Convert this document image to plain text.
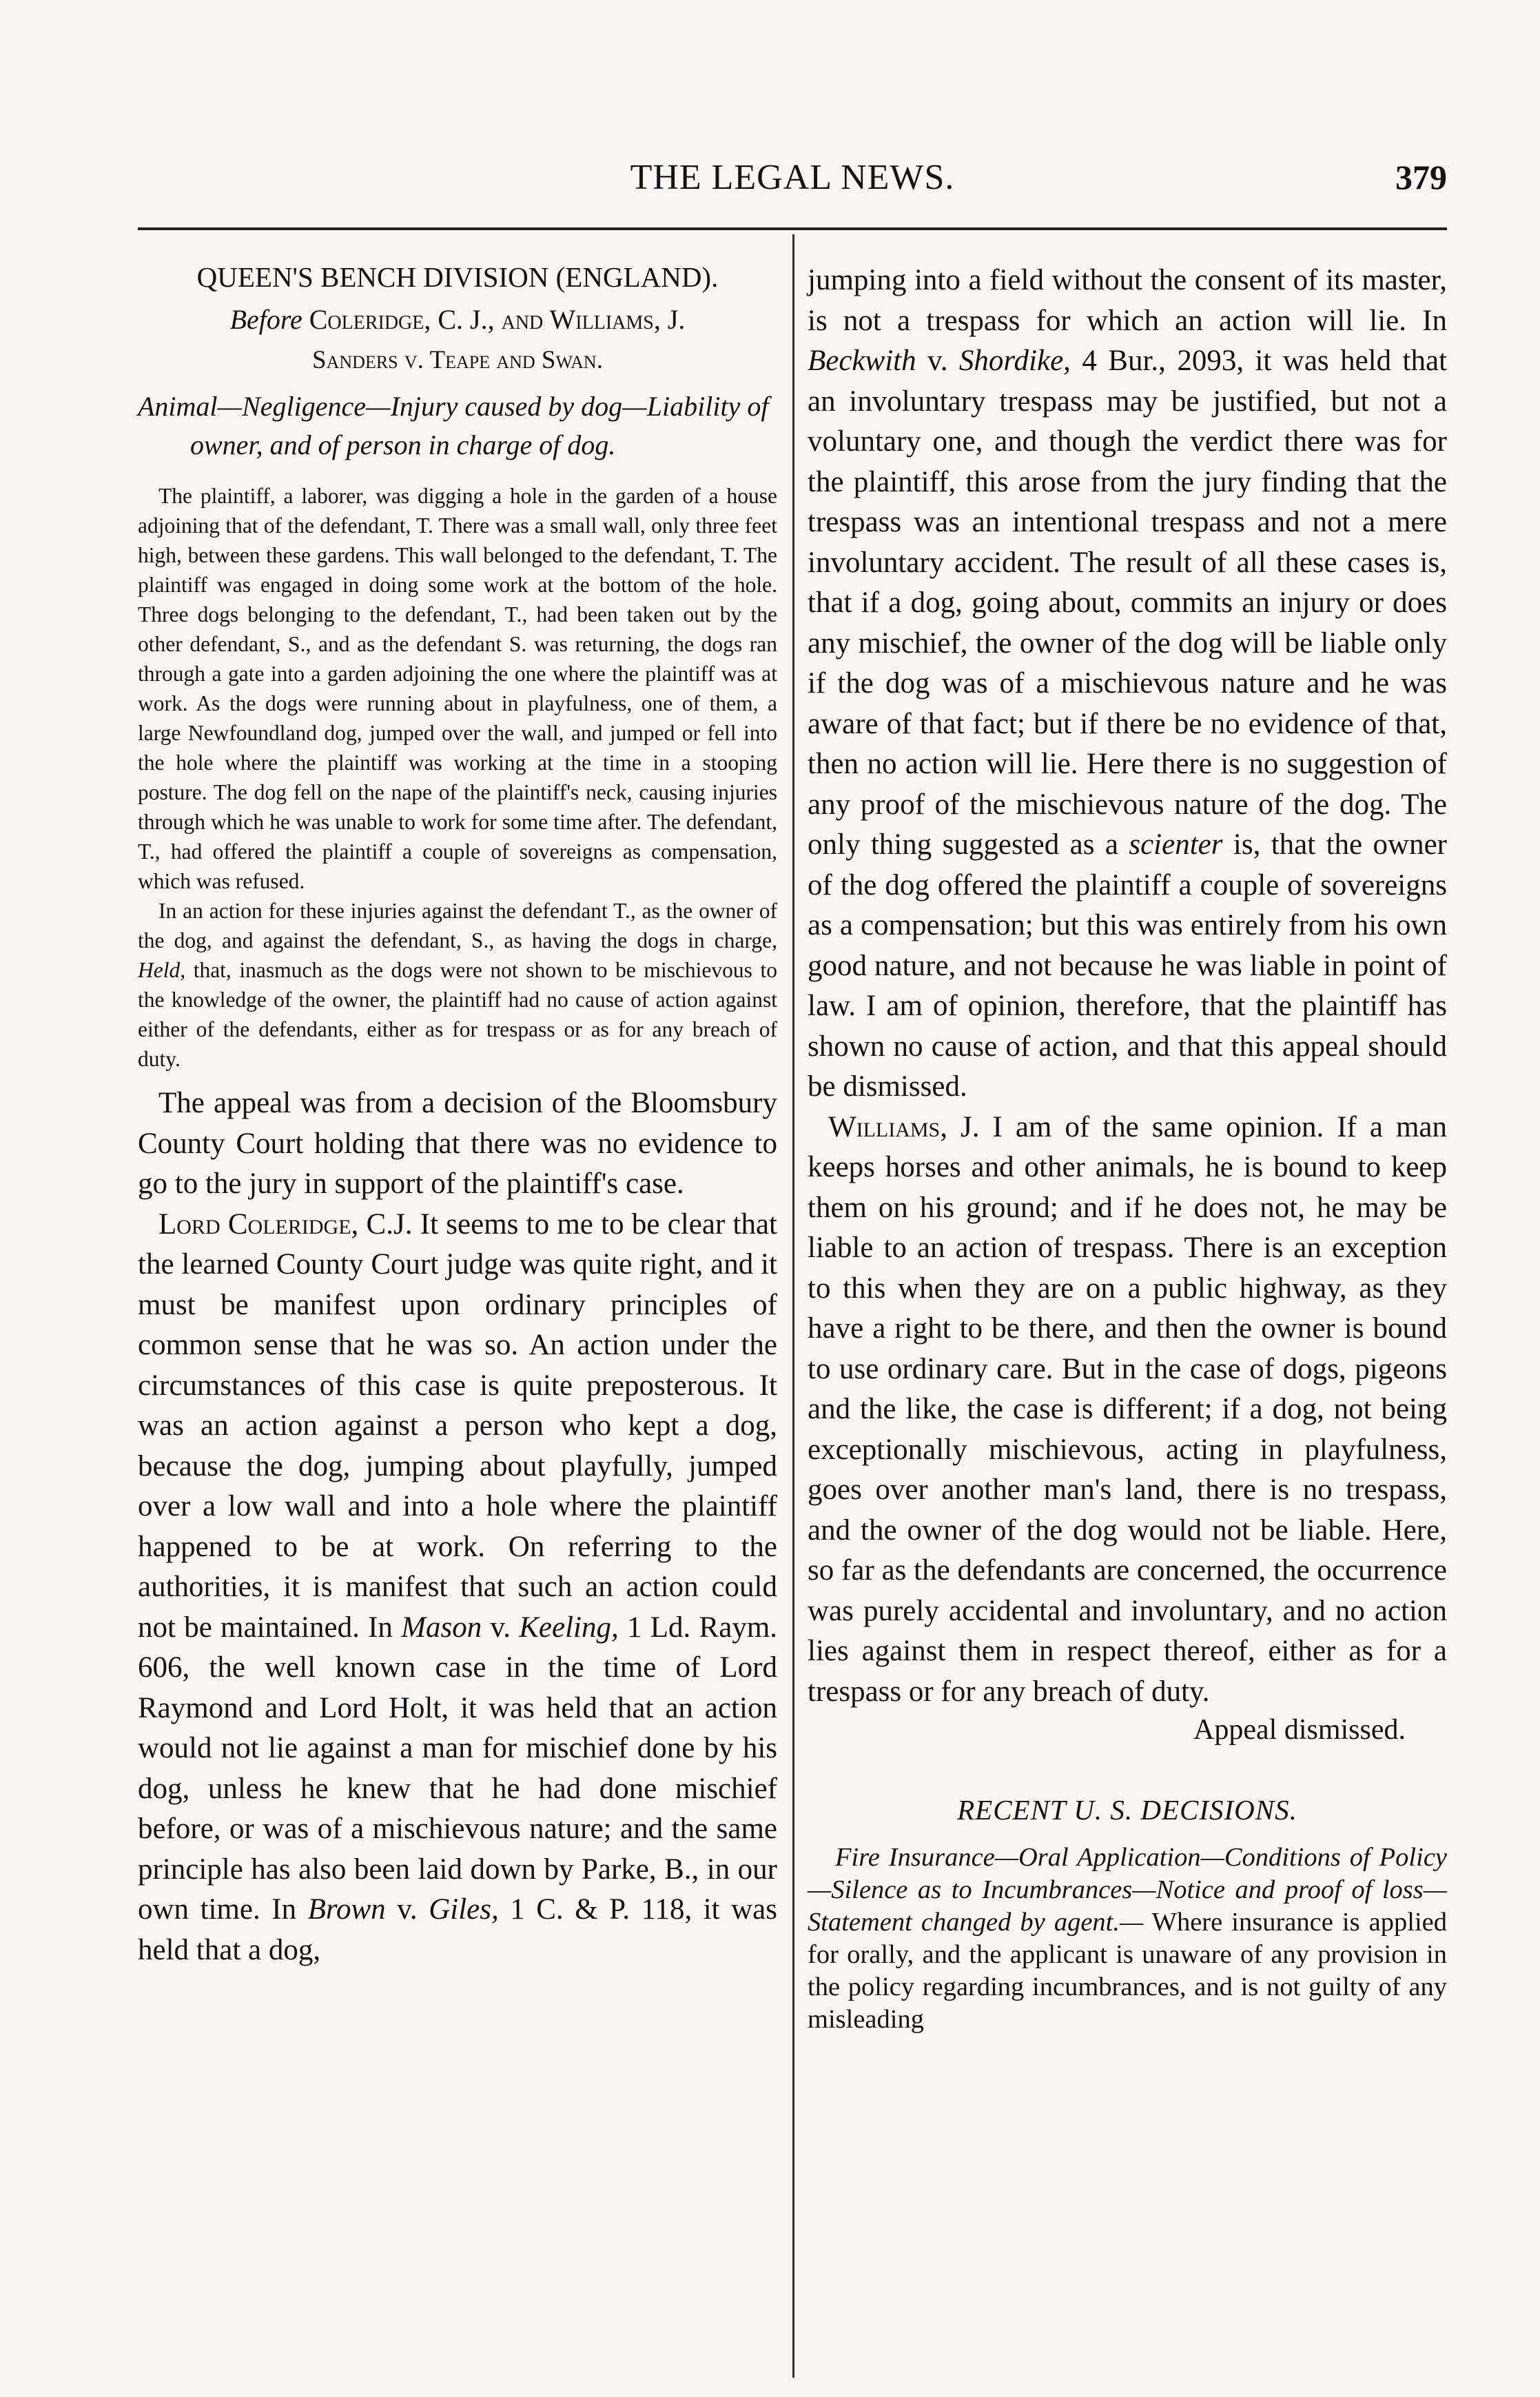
THE LEGAL NEWS.	379
QUEEN'S BENCH DIVISION (ENGLAND).
Before Coleridge, C. J., and Williams, J.
Sanders v. Teape and Swan.

Animal—Negligence—Injury caused by dog—Liability of owner, and of person in charge of dog.

The plaintiff, a laborer, was digging a hole in the garden of a house adjoining that of the defendant, T. There was a small wall, only three feet high, between these gardens. This wall belonged to the defendant, T. The plaintiff was engaged in doing some work at the bottom of the hole. Three dogs belonging to the defendant, T., had been taken out by the other defendant, S., and as the defendant S. was returning, the dogs ran through a gate into a garden adjoining the one where the plaintiff was at work. As the dogs were running about in playfulness, one of them, a large Newfoundland dog, jumped over the wall, and jumped or fell into the hole where the plaintiff was working at the time in a stooping posture. The dog fell on the nape of the plaintiff's neck, causing injuries through which he was unable to work for some time after. The defendant, T., had offered the plaintiff a couple of sovereigns as compensation, which was refused.

In an action for these injuries against the defendant T., as the owner of the dog, and against the defendant, S., as having the dogs in charge, Held, that, inasmuch as the dogs were not shown to be mischievous to the knowledge of the owner, the plaintiff had no cause of action against either of the defendants, either as for trespass or as for any breach of duty.

The appeal was from a decision of the Bloomsbury County Court holding that there was no evidence to go to the jury in support of the plaintiff's case.

Lord Coleridge, C.J. It seems to me to be clear that the learned County Court judge was quite right, and it must be manifest upon ordinary principles of common sense that he was so. An action under the circumstances of this case is quite preposterous. It was an action against a person who kept a dog, because the dog, jumping about playfully, jumped over a low wall and into a hole where the plaintiff happened to be at work. On referring to the authorities, it is manifest that such an action could not be maintained. In Mason v. Keeling, 1 Ld. Raym. 606, the well known case in the time of Lord Raymond and Lord Holt, it was held that an action would not lie against a man for mischief done by his dog, unless he knew that he had done mischief before, or was of a mischievous nature; and the same principle has also been laid down by Parke, B., in our own time. In Brown v. Giles, 1 C. & P. 118, it was held that a dog,

jumping into a field without the consent of its master, is not a trespass for which an action will lie. In Beckwith v. Shordike, 4 Bur., 2093, it was held that an involuntary trespass may be justified, but not a voluntary one, and though the verdict there was for the plaintiff, this arose from the jury finding that the trespass was an intentional trespass and not a mere involuntary accident. The result of all these cases is, that if a dog, going about, commits an injury or does any mischief, the owner of the dog will be liable only if the dog was of a mischievous nature and he was aware of that fact; but if there be no evidence of that, then no action will lie. Here there is no suggestion of any proof of the mischievous nature of the dog. The only thing suggested as a scienter is, that the owner of the dog offered the plaintiff a couple of sovereigns as a compensation; but this was entirely from his own good nature, and not because he was liable in point of law. I am of opinion, therefore, that the plaintiff has shown no cause of action, and that this appeal should be dismissed.

Williams, J. I am of the same opinion. If a man keeps horses and other animals, he is bound to keep them on his ground; and if he does not, he may be liable to an action of trespass. There is an exception to this when they are on a public highway, as they have a right to be there, and then the owner is bound to use ordinary care. But in the case of dogs, pigeons and the like, the case is different; if a dog, not being exceptionally mischievous, acting in playfulness, goes over another man's land, there is no trespass, and the owner of the dog would not be liable. Here, so far as the defendants are concerned, the occurrence was purely accidental and involuntary, and no action lies against them in respect thereof, either as for a trespass or for any breach of duty.

Appeal dismissed.
RECENT U. S. DECISIONS.

Fire Insurance—Oral Application—Conditions of Policy—Silence as to Incumbrances—Notice and proof of loss—Statement changed by agent.— Where insurance is applied for orally, and the applicant is unaware of any provision in the policy regarding incumbrances, and is not guilty of any misleading
